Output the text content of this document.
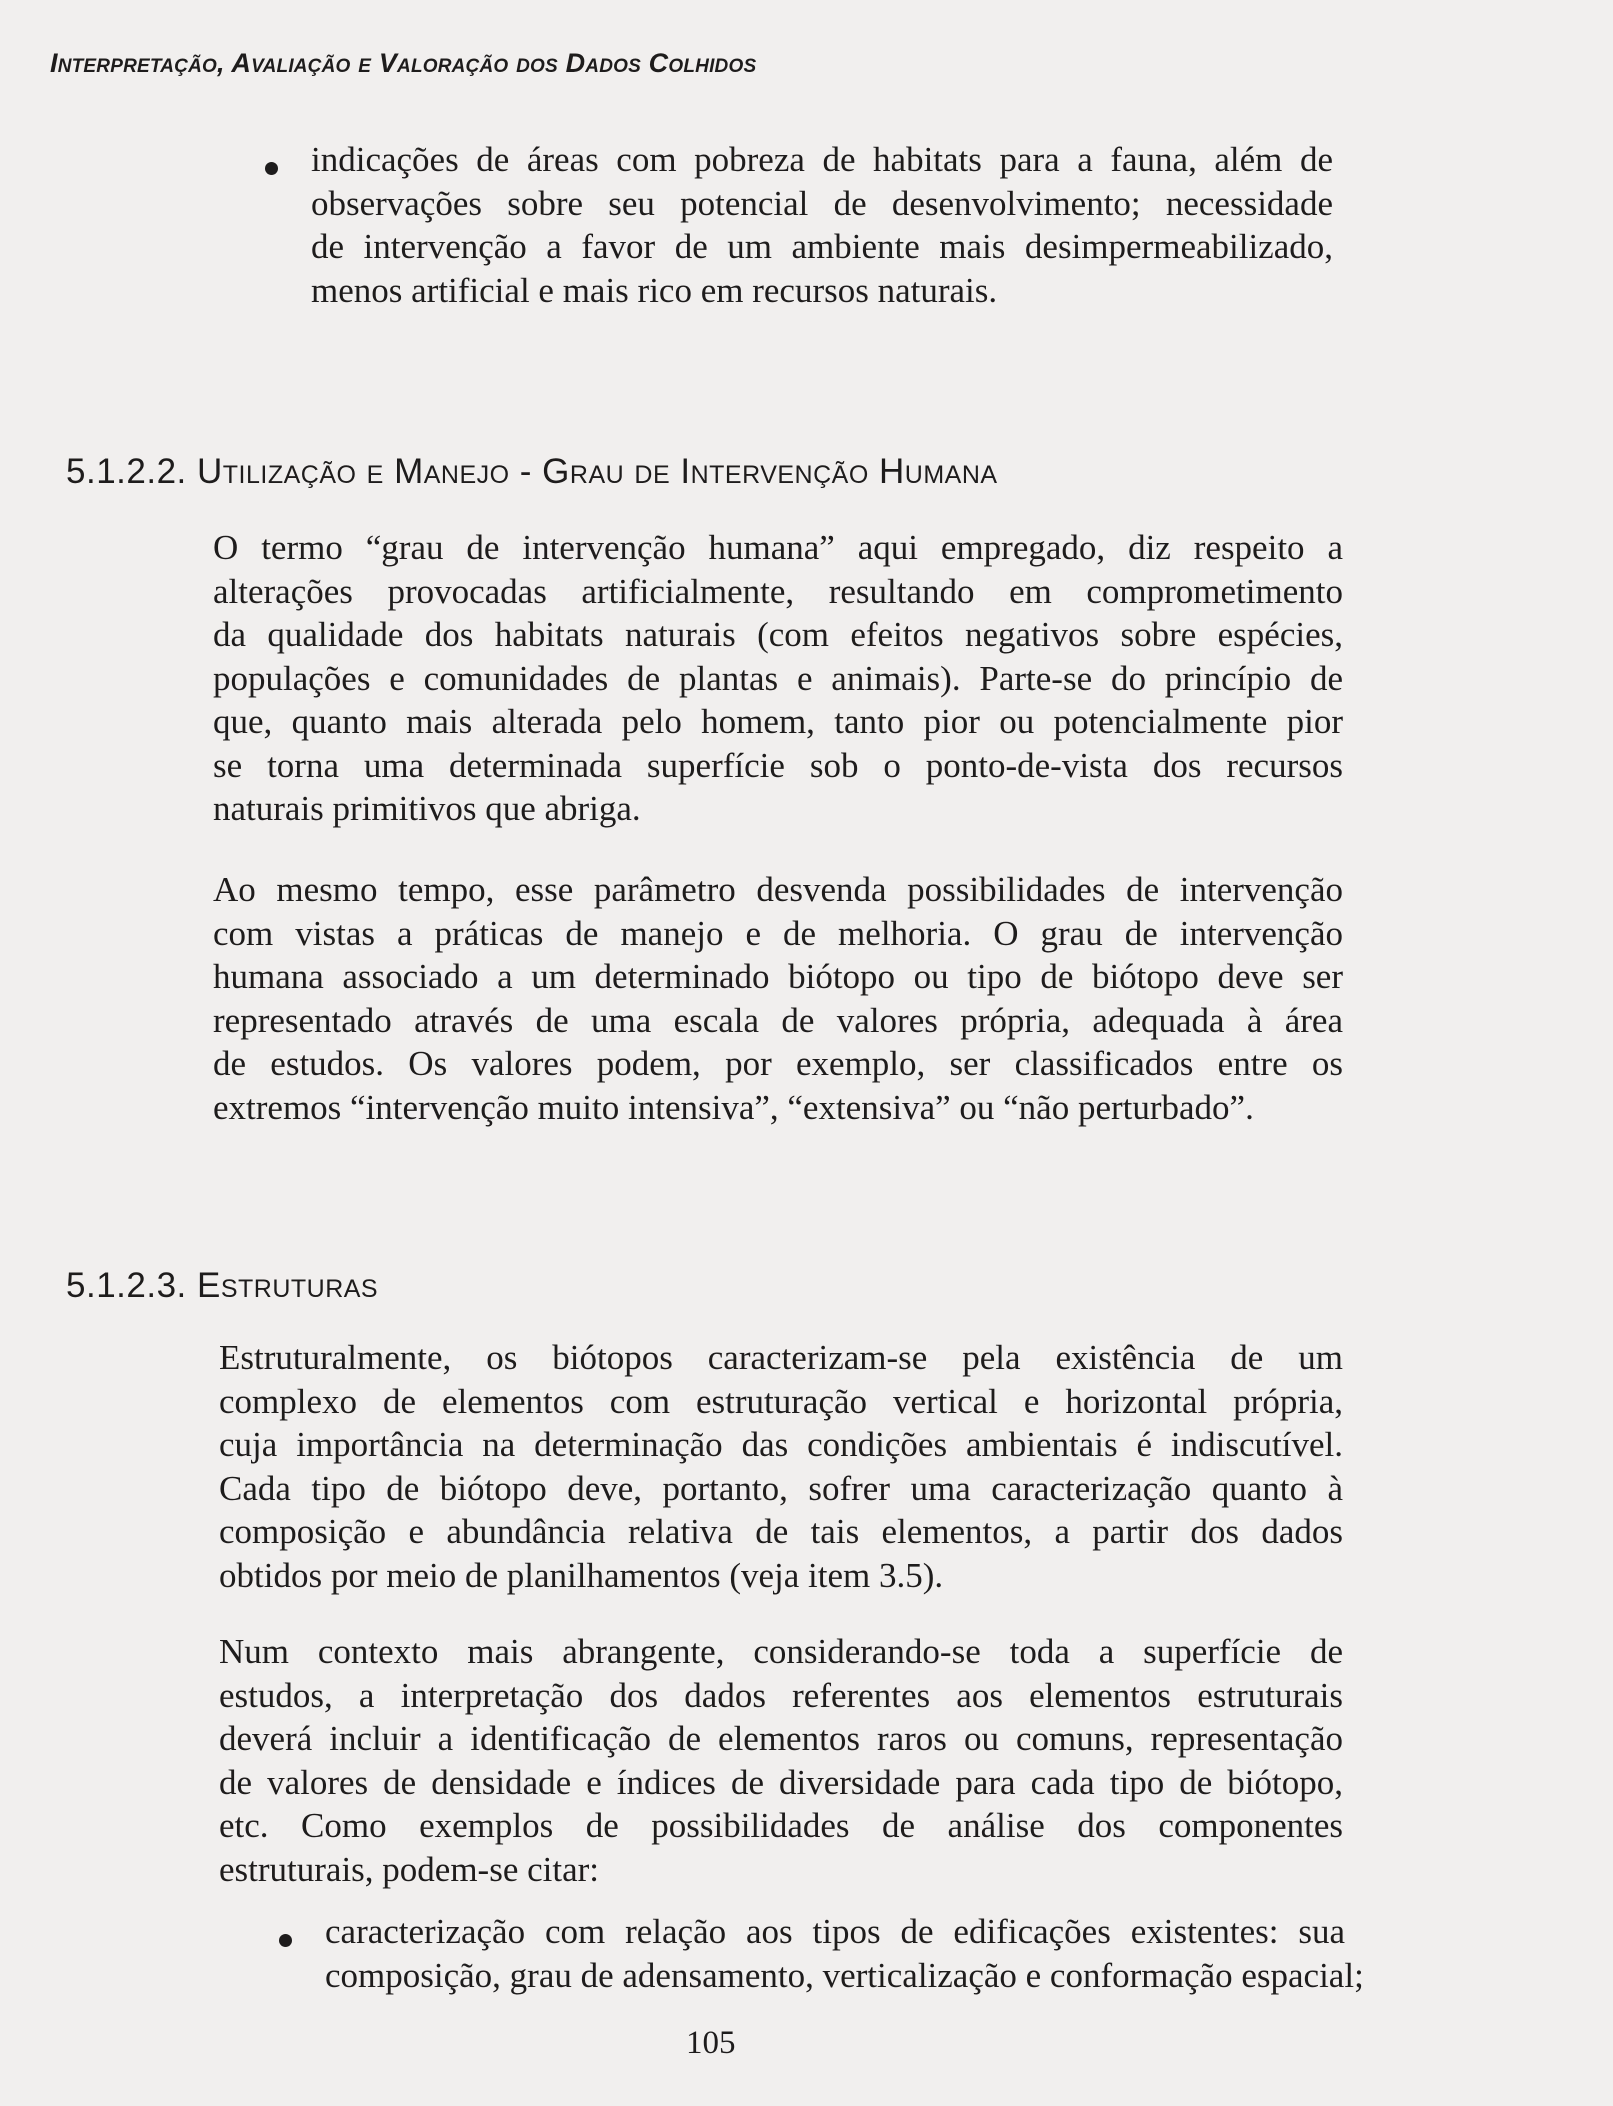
Interpretação, Avaliação e Valoração dos Dados Colhidos
indicações de áreas com pobreza de habitats para a fauna, além de
observações sobre seu potencial de desenvolvimento; necessidade
de intervenção a favor de um ambiente mais desimpermeabilizado,
menos artificial e mais rico em recursos naturais.
5.1.2.2. Utilização e Manejo - Grau de Intervenção Humana
O termo “grau de intervenção humana” aqui empregado, diz respeito a
alterações provocadas artificialmente, resultando em comprometimento
da qualidade dos habitats naturais (com efeitos negativos sobre espécies,
populações e comunidades de plantas e animais). Parte-se do princípio de
que, quanto mais alterada pelo homem, tanto pior ou potencialmente pior
se torna uma determinada superfície sob o ponto-de-vista dos recursos
naturais primitivos que abriga.
Ao mesmo tempo, esse parâmetro desvenda possibilidades de intervenção
com vistas a práticas de manejo e de melhoria. O grau de intervenção
humana associado a um determinado biótopo ou tipo de biótopo deve ser
representado através de uma escala de valores própria, adequada à área
de estudos. Os valores podem, por exemplo, ser classificados entre os
extremos “intervenção muito intensiva”, “extensiva” ou “não perturbado”.
5.1.2.3. Estruturas
Estruturalmente, os biótopos caracterizam-se pela existência de um
complexo de elementos com estruturação vertical e horizontal própria,
cuja importância na determinação das condições ambientais é indiscutível.
Cada tipo de biótopo deve, portanto, sofrer uma caracterização quanto à
composição e abundância relativa de tais elementos, a partir dos dados
obtidos por meio de planilhamentos (veja item 3.5).
Num contexto mais abrangente, considerando-se toda a superfície de
estudos, a interpretação dos dados referentes aos elementos estruturais
deverá incluir a identificação de elementos raros ou comuns, representação
de valores de densidade e índices de diversidade para cada tipo de biótopo,
etc. Como exemplos de possibilidades de análise dos componentes
estruturais, podem-se citar:
caracterização com relação aos tipos de edificações existentes: sua
composição, grau de adensamento, verticalização e conformação espacial;
105
